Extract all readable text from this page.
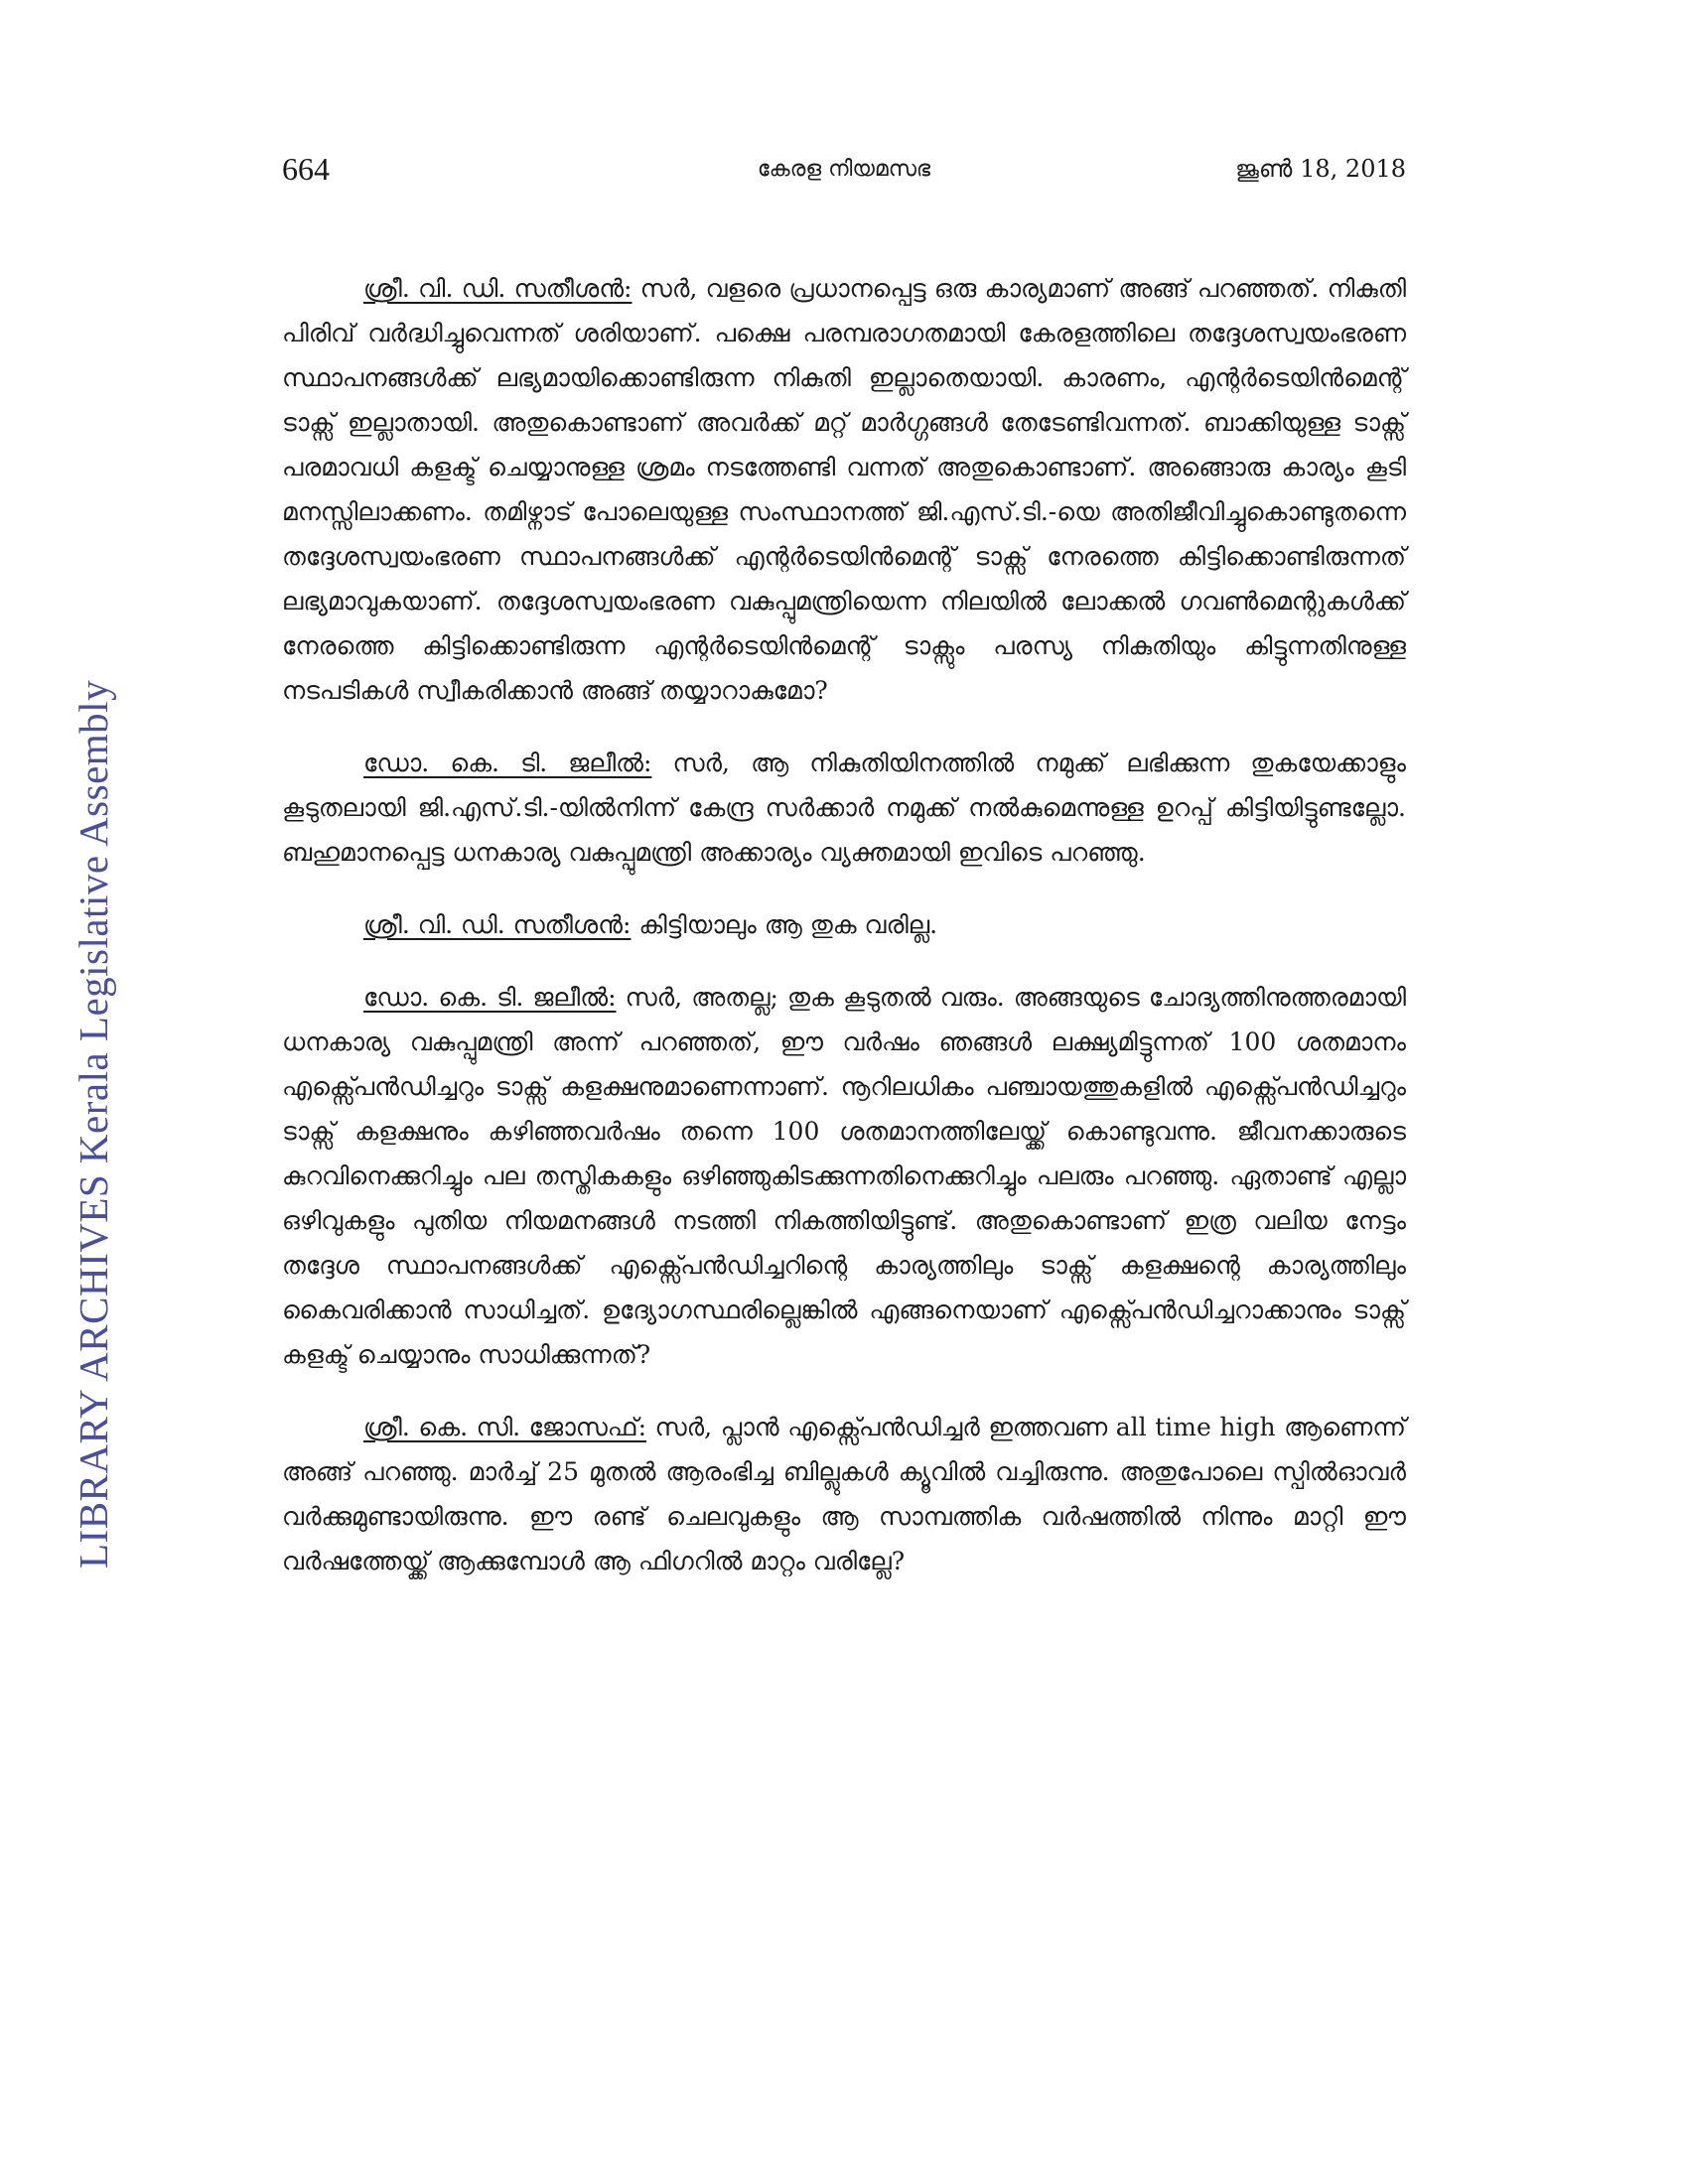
LIBRARY ARCHIVES Kerala Legislative Assembly
664	കേരള നിയമസഭ	ജൂൺ 18, 2018

ശ്രീ. വി. ഡി. സതീശൻ: സർ, വളരെ പ്രധാനപ്പെട്ട ഒരു കാര്യമാണ് അങ്ങ് പറഞ്ഞത്. നികുതി പിരിവ് വർദ്ധിച്ചുവെന്നത് ശരിയാണ്. പക്ഷെ പരമ്പരാഗതമായി കേരളത്തിലെ തദ്ദേശസ്വയംഭരണ സ്ഥാപനങ്ങൾക്ക് ലഭ്യമായിക്കൊണ്ടിരുന്ന നികുതി ഇല്ലാതെയായി. കാരണം, എന്റർടെയിൻമെന്റ് ടാക്സ് ഇല്ലാതായി. അതുകൊണ്ടാണ് അവർക്ക് മറ്റ് മാർഗ്ഗങ്ങൾ തേടേണ്ടിവന്നത്. ബാക്കിയുള്ള ടാക്സ് പരമാവധി കളക്ട് ചെയ്യാനുള്ള ശ്രമം നടത്തേണ്ടി വന്നത് അതുകൊണ്ടാണ്. അങ്ങൊരു കാര്യം കൂടി മനസ്സിലാക്കണം. തമിഴ്നാട് പോലെയുള്ള സംസ്ഥാനത്ത് ജി.എസ്.ടി.-യെ അതിജീവിച്ചുകൊണ്ടുതന്നെ തദ്ദേശസ്വയംഭരണ സ്ഥാപനങ്ങൾക്ക് എന്റർടെയിൻമെന്റ് ടാക്സ് നേരത്തെ കിട്ടിക്കൊണ്ടിരുന്നത് ലഭ്യമാവുകയാണ്. തദ്ദേശസ്വയംഭരണ വകുപ്പുമന്ത്രിയെന്ന നിലയിൽ ലോക്കൽ ഗവൺമെന്റുകൾക്ക് നേരത്തെ കിട്ടിക്കൊണ്ടിരുന്ന എന്റർടെയിൻമെന്റ് ടാക്സും പരസ്യ നികുതിയും കിട്ടുന്നതിനുള്ള നടപടികൾ സ്വീകരിക്കാൻ അങ്ങ് തയ്യാറാകുമോ?

ഡോ. കെ. ടി. ജലീൽ: സർ, ആ നികുതിയിനത്തിൽ നമുക്ക് ലഭിക്കുന്ന തുകയേക്കാളും കൂടുതലായി ജി.എസ്.ടി.-യിൽനിന്ന് കേന്ദ്ര സർക്കാർ നമുക്ക് നൽകുമെന്നുള്ള ഉറപ്പ് കിട്ടിയിട്ടുണ്ടല്ലോ. ബഹുമാനപ്പെട്ട ധനകാര്യ വകുപ്പുമന്ത്രി അക്കാര്യം വ്യക്തമായി ഇവിടെ പറഞ്ഞു.

ശ്രീ. വി. ഡി. സതീശൻ: കിട്ടിയാലും ആ തുക വരില്ല.

ഡോ. കെ. ടി. ജലീൽ: സർ, അതല്ല; തുക കൂടുതൽ വരും. അങ്ങയുടെ ചോദ്യത്തിനുത്തരമായി ധനകാര്യ വകുപ്പുമന്ത്രി അന്ന് പറഞ്ഞത്, ഈ വർഷം ഞങ്ങൾ ലക്ഷ്യമിട്ടുന്നത് 100 ശതമാനം എക്സ്പെൻഡിച്ചറും ടാക്സ് കളക്ഷനുമാണെന്നാണ്. നൂറിലധികം പഞ്ചായത്തുകളിൽ എക്സ്പെൻഡിച്ചറും ടാക്സ് കളക്ഷനും കഴിഞ്ഞവർഷം തന്നെ 100 ശതമാനത്തിലേയ്ക്ക് കൊണ്ടുവന്നു. ജീവനക്കാരുടെ കുറവിനെക്കുറിച്ചും പല തസ്തികകളും ഒഴിഞ്ഞുകിടക്കുന്നതിനെക്കുറിച്ചും പലരും പറഞ്ഞു. ഏതാണ്ട് എല്ലാ ഒഴിവുകളും പുതിയ നിയമനങ്ങൾ നടത്തി നികത്തിയിട്ടുണ്ട്. അതുകൊണ്ടാണ് ഇത്ര വലിയ നേട്ടം തദ്ദേശ സ്ഥാപനങ്ങൾക്ക് എക്സ്പെൻഡിച്ചറിന്റെ കാര്യത്തിലും ടാക്സ് കളക്ഷന്റെ കാര്യത്തിലും കൈവരിക്കാൻ സാധിച്ചത്. ഉദ്യോഗസ്ഥരില്ലെങ്കിൽ എങ്ങനെയാണ് എക്സ്പെൻഡിച്ചറാക്കാനും ടാക്സ് കളക്ട് ചെയ്യാനും സാധിക്കുന്നത്?

ശ്രീ. കെ. സി. ജോസഫ്: സർ, പ്ലാൻ എക്സ്പെൻഡിച്ചർ ഇത്തവണ all time high ആണെന്ന് അങ്ങ് പറഞ്ഞു. മാർച്ച് 25 മുതൽ ആരംഭിച്ച ബില്ലുകൾ ക്യൂവിൽ വച്ചിരുന്നു. അതുപോലെ സ്പിൽഓവർ വർക്കുമുണ്ടായിരുന്നു. ഈ രണ്ട് ചെലവുകളും ആ സാമ്പത്തിക വർഷത്തിൽ നിന്നും മാറ്റി ഈ വർഷത്തേയ്ക്ക് ആക്കുമ്പോൾ ആ ഫിഗറിൽ മാറ്റം വരില്ലേ?
